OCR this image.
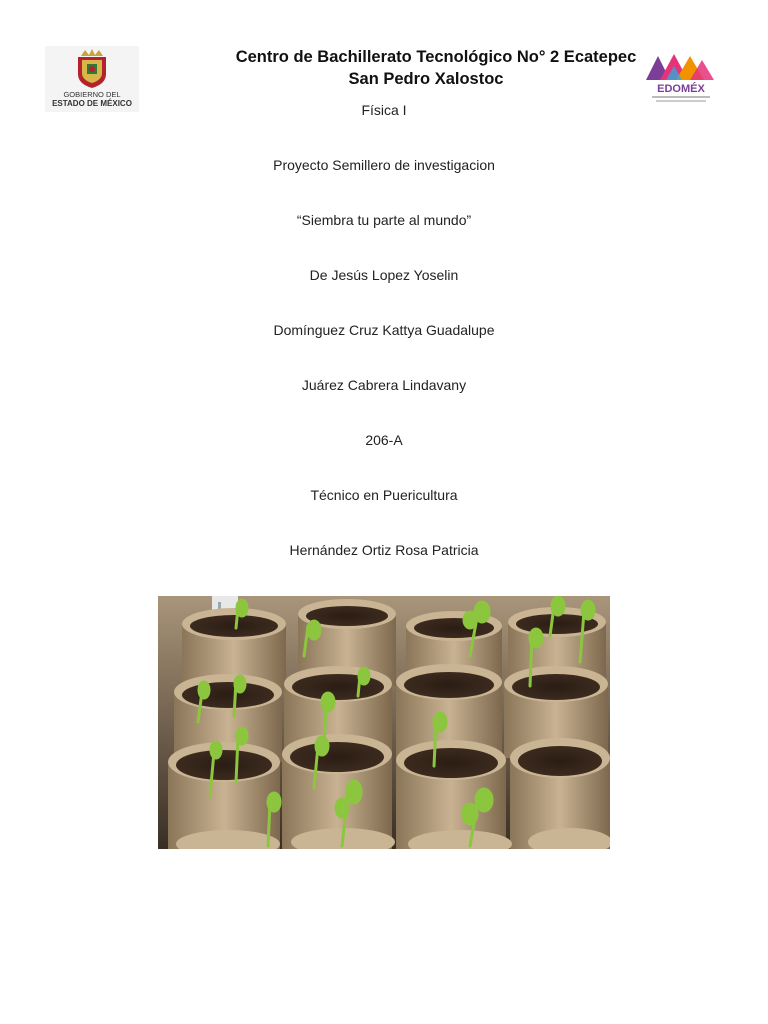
GOBIERNO DEL
ESTADO DE MÉXICO
Centro de Bachillerato Tecnológico No° 2 Ecatepec
San Pedro Xalostoc
EDOMÉX
Física I
Proyecto Semillero de investigacion
“Siembra tu parte al mundo”
De Jesús Lopez Yoselin
Domínguez Cruz Kattya Guadalupe
Juárez Cabrera Lindavany
206-A
Técnico en Puericultura
Hernández Ortiz Rosa Patricia
